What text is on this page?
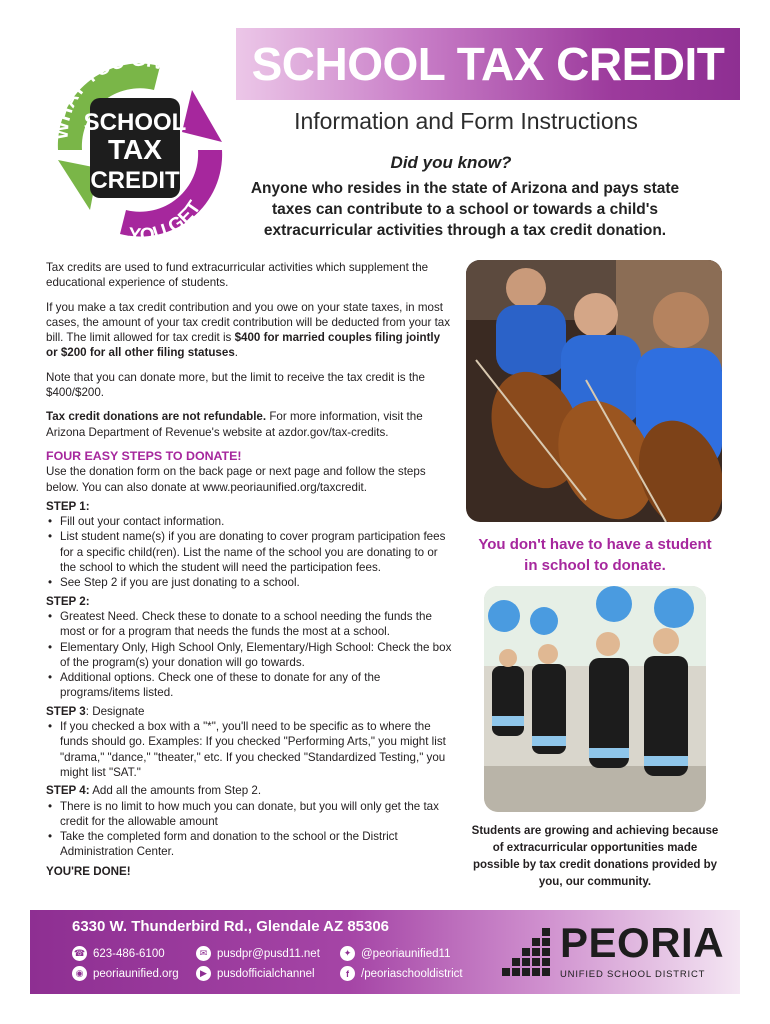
SCHOOL TAX CREDIT
WHAT YOU GIVE
YOU GET
SCHOOL
TAX
CREDIT
Information and Form Instructions
Did you know?
Anyone who resides in the state of Arizona and pays state taxes can contribute to a school or towards a child's extracurricular activities through a tax credit donation.

Tax credits are used to fund extracurricular activities which supplement the educational experience of students.

If you make a tax credit contribution and you owe on your state taxes, in most cases, the amount of your tax credit contribution will be deducted from your tax bill. The limit allowed for tax credit is $400 for married couples filing jointly or $200 for all other filing statuses.

Note that you can donate more, but the limit to receive the tax credit is the $400/$200.

Tax credit donations are not refundable. For more information, visit the Arizona Department of Revenue's website at azdor.gov/tax-credits.

FOUR EASY STEPS TO DONATE!

Use the donation form on the back page or next page and follow the steps below. You can also donate at www.peoriaunified.org/taxcredit.

STEP 1:
• Fill out your contact information.
• List student name(s) if you are donating to cover program participation fees for a specific child(ren). List the name of the school you are donating to or the school to which the student will need the participation fees.
• See Step 2 if you are just donating to a school.
STEP 2:
• Greatest Need. Check these to donate to a school needing the funds the most or for a program that needs the funds the most at a school.
• Elementary Only, High School Only, Elementary/High School: Check the box of the program(s) your donation will go towards.
• Additional options. Check one of these to donate for any of the programs/items listed.
STEP 3: Designate
• If you checked a box with a "*", you'll need to be specific as to where the funds should go. Examples: If you checked "Performing Arts," you might list "drama," "dance," "theater," etc. If you checked "Standardized Testing," you might list "SAT."
STEP 4: Add all the amounts from Step 2.
• There is no limit to how much you can donate, but you will only get the tax credit for the allowable amount
• Take the completed form and donation to the school or the District Administration Center.
YOU'RE DONE!
You don't have to have a student in school to donate.
Students are growing and achieving because of extracurricular opportunities made possible by tax credit donations provided by you, our community.
6330 W. Thunderbird Rd., Glendale AZ 85306
☎ 623-486-6100
◉ peoriaunified.org
✉ pusdpr@pusd11.net
▶ pusdofficialchannel
✦ @peoriaunified11
f	/peoriaschooldistrict
PEORIA
UNIFIED SCHOOL DISTRICT
